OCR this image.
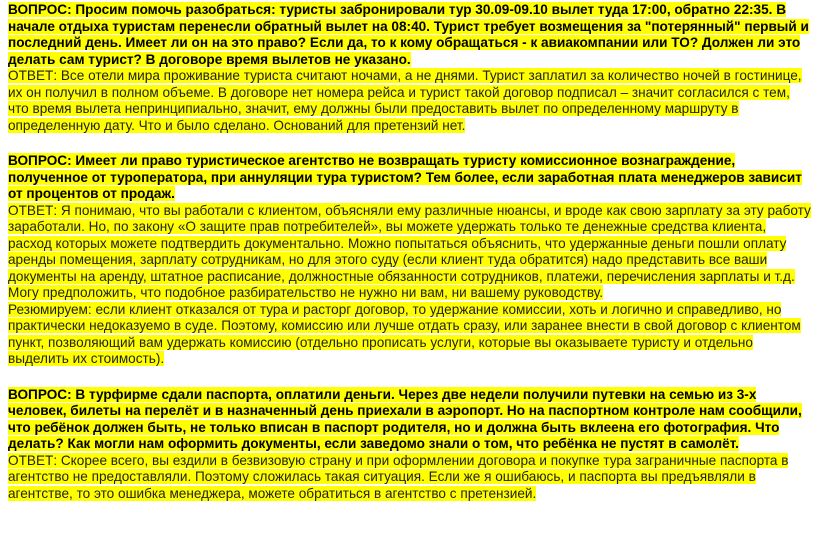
ВОПРОС: Просим помочь разобраться: туристы забронировали тур 30.09-09.10 вылет туда 17:00, обратно 22:35. В начале отдыха туристам перенесли обратный вылет на 08:40. Турист требует возмещения за "потерянный" первый и последний день. Имеет ли он на это право? Если да, то к кому обращаться - к авиакомпании или ТО? Должен ли это делать сам турист? В договоре время вылетов не указано.

ОТВЕТ: Все отели мира проживание туриста считают ночами, а не днями. Турист заплатил за количество ночей в гостинице, их он получил в полном объеме. В договоре нет номера рейса и турист такой договор подписал – значит согласился с тем, что время вылета непринципиально, значит, ему должны были предоставить вылет по определенному маршруту в определенную дату. Что и было сделано. Оснований для претензий нет.

ВОПРОС: Имеет ли право туристическое агентство не возвращать туристу комиссионное вознаграждение, полученное от туроператора, при аннуляции тура туристом? Тем более, если заработная плата менеджеров зависит от процентов от продаж.

ОТВЕТ: Я понимаю, что вы работали с клиентом, объясняли ему различные нюансы, и вроде как свою зарплату за эту работу заработали. Но, по закону «О защите прав потребителей», вы можете удержать только те денежные средства клиента, расход которых можете подтвердить документально. Можно попытаться объяснить, что удержанные деньги пошли оплату аренды помещения, зарплату сотрудникам, но для этого суду (если клиент туда обратится) надо представить все ваши документы на аренду, штатное расписание, должностные обязанности сотрудников, платежи, перечисления зарплаты и т.д. Могу предположить, что подобное разбирательство не нужно ни вам, ни вашему руководству.

Резюмируем: если клиент отказался от тура и расторг договор, то удержание комиссии, хоть и логично и справедливо, но практически недоказуемо в суде. Поэтому, комиссию или лучше отдать сразу, или заранее внести в свой договор с клиентом пункт, позволяющий вам удержать комиссию (отдельно прописать услуги, которые вы оказываете туристу и отдельно выделить их стоимость).

ВОПРОС: В турфирме сдали паспорта, оплатили деньги. Через две недели получили путевки на семью из 3-х человек, билеты на перелёт и в назначенный день приехали в аэропорт. Но на паспортном контроле нам сообщили, что ребёнок должен быть, не только вписан в паспорт родителя, но и должна быть вклеена его фотография. Что делать? Как могли нам оформить документы, если заведомо знали о том, что ребёнка не пустят в самолёт.

ОТВЕТ: Скорее всего, вы ездили в безвизовую страну и при оформлении договора и покупке тура заграничные паспорта в агентство не предоставляли. Поэтому сложилась такая ситуация. Если же я ошибаюсь, и паспорта вы предъявляли в агентстве, то это ошибка менеджера, можете обратиться в агентство с претензией.
